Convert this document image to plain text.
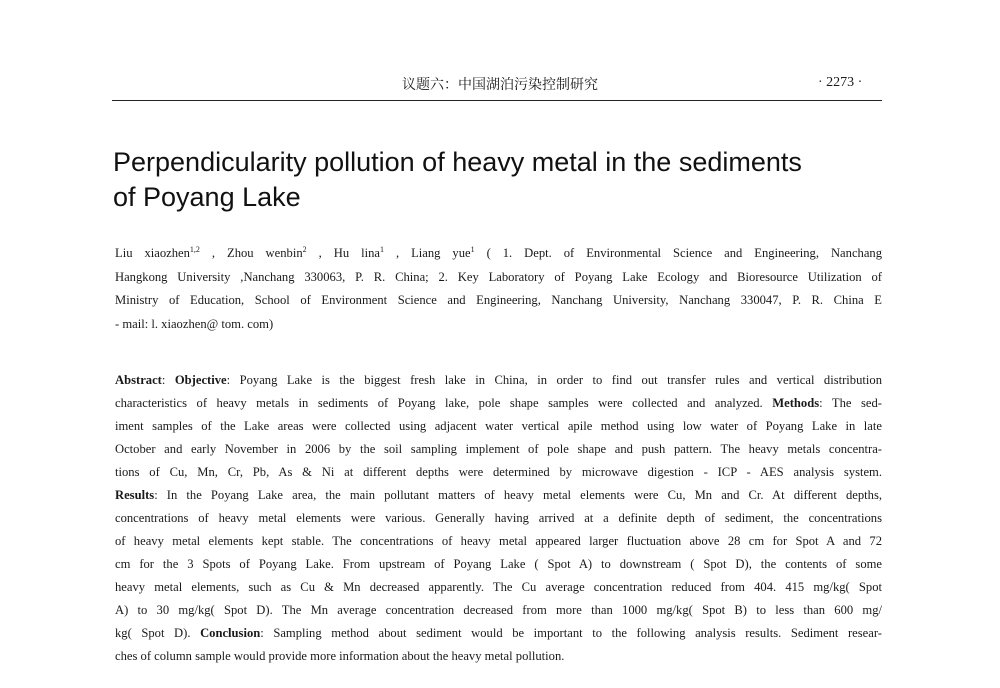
议题六：中国湖泊污染控制研究	· 2273 ·
Perpendicularity pollution of heavy metal in the sediments
of Poyang Lake
Liu xiaozhen$^{1,2}$ , Zhou wenbin$^2$ , Hu lina$^1$ , Liang yue$^1$ ( 1. Dept. of Environmental Science and Engineering, Nanchang
Hangkong University ,Nanchang 330063, P. R. China; 2. Key Laboratory of Poyang Lake Ecology and Bioresource Utilization of
Ministry of Education, School of Environment Science and Engineering, Nanchang University, Nanchang 330047, P. R. China E
- mail: l. xiaozhen@ tom. com)
Abstract: Objective: Poyang Lake is the biggest fresh lake in China, in order to find out transfer rules and vertical distribution
characteristics of heavy metals in sediments of Poyang lake, pole shape samples were collected and analyzed. Methods: The sed-
iment samples of the Lake areas were collected using adjacent water vertical apile method using low water of Poyang Lake in late
October and early November in 2006 by the soil sampling implement of pole shape and push pattern. The heavy metals concentra-
tions of Cu, Mn, Cr, Pb, As & Ni at different depths were determined by microwave digestion - ICP - AES analysis system.
Results: In the Poyang Lake area, the main pollutant matters of heavy metal elements were Cu, Mn and Cr. At different depths,
concentrations of heavy metal elements were various. Generally having arrived at a definite depth of sediment, the concentrations
of heavy metal elements kept stable. The concentrations of heavy metal appeared larger fluctuation above 28 cm for Spot A and 72
cm for the 3 Spots of Poyang Lake. From upstream of Poyang Lake ( Spot A) to downstream ( Spot D), the contents of some
heavy metal elements, such as Cu & Mn decreased apparently. The Cu average concentration reduced from 404. 415 mg/kg( Spot
A) to 30 mg/kg( Spot D). The Mn average concentration decreased from more than 1000 mg/kg( Spot B) to less than 600 mg/
kg( Spot D). Conclusion: Sampling method about sediment would be important to the following analysis results. Sediment resear-
ches of column sample would provide more information about the heavy metal pollution.
